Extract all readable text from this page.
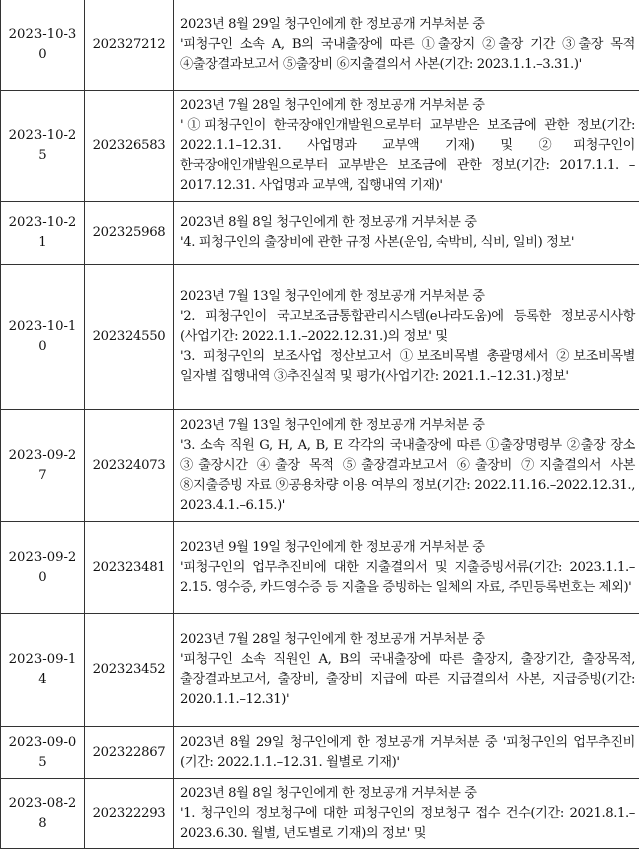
2023-10-30	202327212	2023년 8월 29일 청구인에게 한 정보공개 거부처분 중
'피청구인 소속 A, B의 국내출장에 따른 ①출장지 ②출장 기간 ③출장 목적 ④출장결과보고서 ⑤출장비 ⑥지출결의서 사본(기간: 2023.1.1.–3.31.)'

2023-10-25	202326583	2023년 7월 28일 청구인에게 한 정보공개 거부처분 중
'①피청구인이 한국장애인개발원으로부터 교부받은 보조금에 관한 정보(기간: 2022.1.1–12.31. 사업명과 교부액 기재) 및 ②피청구인이 한국장애인개발원으로부터 교부받은 보조금에 관한 정보(기간: 2017.1.1. –2017.12.31. 사업명과 교부액, 집행내역 기재)'

2023-10-21	202325968	2023년 8월 8일 청구인에게 한 정보공개 거부처분 중
'4. 피청구인의 출장비에 관한 규정 사본(운임, 숙박비, 식비, 일비) 정보'

2023-10-10	202324550	2023년 7월 13일 청구인에게 한 정보공개 거부처분 중
'2. 피청구인이 국고보조금통합관리시스템(e나라도움)에 등록한 정보공시사항(사업기간: 2022.1.1.–2022.12.31.)의 정보' 및
'3. 피청구인의 보조사업 정산보고서 ①보조비목별 총괄명세서 ②보조비목별 일자별 집행내역 ③추진실적 및 평가(사업기간: 2021.1.–12.31.)정보'

2023-09-27	202324073	2023년 7월 13일 청구인에게 한 정보공개 거부처분 중
'3. 소속 직원 G, H, A, B, E 각각의 국내출장에 따른 ①출장명령부 ②출장 장소 ③출장시간 ④출장 목적 ⑤출장결과보고서 ⑥출장비 ⑦지출결의서 사본 ⑧지출증빙 자료 ⑨공용차량 이용 여부의 정보(기간: 2022.11.16.–2022.12.31., 2023.4.1.–6.15.)'

2023-09-20	202323481	2023년 9월 19일 청구인에게 한 정보공개 거부처분 중
'피청구인의 업무추진비에 대한 지출결의서 및 지출증빙서류(기간: 2023.1.1.–2.15. 영수증, 카드영수증 등 지출을 증빙하는 일체의 자료, 주민등록번호는 제외)'

2023-09-14	202323452	2023년 7월 28일 청구인에게 한 정보공개 거부처분 중
'피청구인 소속 직원인 A, B의 국내출장에 따른 출장지, 출장기간, 출장목적, 출장결과보고서, 출장비, 출장비 지급에 따른 지급결의서 사본, 지급증빙(기간: 2020.1.1.–12.31)'

2023-09-05	202322867	2023년 8월 29일 청구인에게 한 정보공개 거부처분 중 '피청구인의 업무추진비(기간: 2022.1.1.–12.31. 월별로 기재)'

2023-08-28	202322293	2023년 8월 8일 청구인에게 한 정보공개 거부처분 중
'1. 청구인의 정보청구에 대한 피청구인의 정보청구 접수 건수(기간: 2021.8.1.–2023.6.30. 월별, 년도별로 기재)의 정보' 및
